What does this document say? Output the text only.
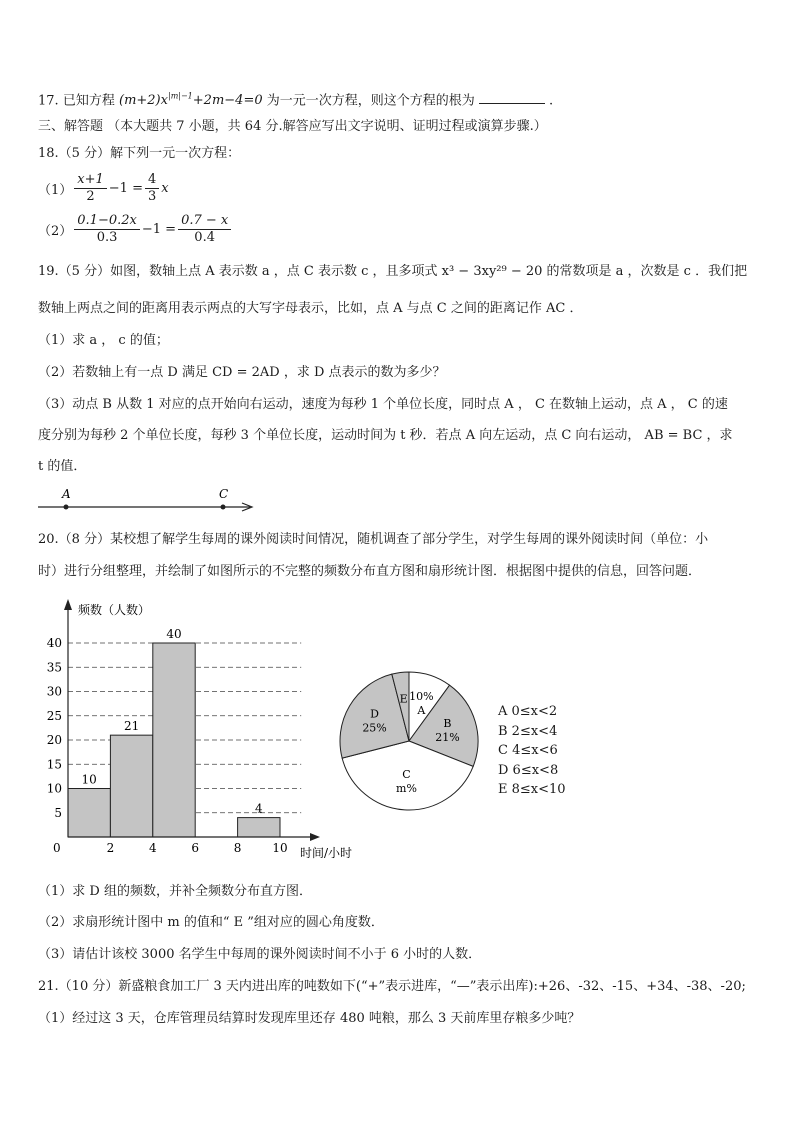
17. 已知方程 $(m+2)x^{|m|-1}+2m-4=0$ 为一元一次方程，则这个方程的根为	.
三、解答题 （本大题共 7 小题，共 64 分.解答应写出文字说明、证明过程或演算步骤.）
18.（5 分）解下列一元一次方程：
$(1) \frac{x+1}{2} -1 = \frac{4}{3}$ x
$(2) \frac{0.1-0.2x}{0.3} -1 = \frac{0.7 - x}{0.4}$
19.（5 分）如图，数轴上点 A 表示数 a ，点 C 表示数 c ，且多项式 x³ − 3xy²⁹ − 20 的常数项是 a ，次数是 c ．我们把
数轴上两点之间的距离用表示两点的大写字母表示，比如，点 A 与点 C 之间的距离记作 AC ．
（1）求 a ， c 的值；
（2）若数轴上有一点 D 满足 CD = 2AD ，求 D 点表示的数为多少？
（3）动点 B 从数 1 对应的点开始向右运动，速度为每秒 1 个单位长度，同时点 A ， C 在数轴上运动，点 A ， C 的速
度分别为每秒 2 个单位长度，每秒 3 个单位长度，运动时间为 t 秒．若点 A 向左运动，点 C 向右运动， AB = BC ，求
t 的值．
A	C
20.（8 分）某校想了解学生每周的课外阅读时间情况，随机调查了部分学生，对学生每周的课外阅读时间（单位：小
时）进行分组整理，并绘制了如图所示的不完整的频数分布直方图和扇形统计图．根据图中提供的信息，回答问题．
5
10
15
20
25
30
35
40
2	4	6	8	10
10
21
40
4
频数（人数）
时间/小时
0
10%
A
B
21%
C
m%
D
25%
E
A 0≤x<2
B 2≤x<4
C 4≤x<6
D 6≤x<8
E 8≤x<10
（1）求 D 组的频数，并补全频数分布直方图．
（2）求扇形统计图中 m 的值和“ E ”组对应的圆心角度数．
（3）请估计该校 3000 名学生中每周的课外阅读时间不小于 6 小时的人数．
21.（10 分）新盛粮食加工厂 3 天内进出库的吨数如下(“+”表示进库，“—”表示出库):+26、-32、-15、+34、-38、-20;
（1）经过这 3 天，仓库管理员结算时发现库里还存 480 吨粮，那么 3 天前库里存粮多少吨？
